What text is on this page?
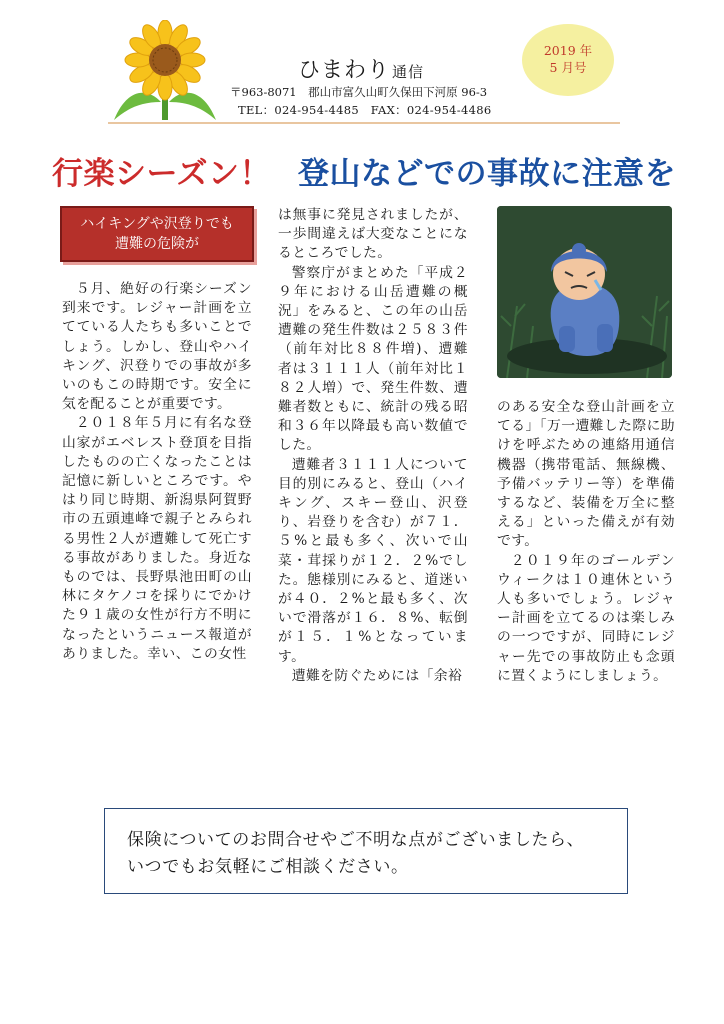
ひまわり 通信
〒963-8071　郡山市富久山町久保田下河原 96-3
TEL：024-954-4485　FAX：024-954-4486
2019 年
5 月号
行楽シーズン！ 登山などでの事故に注意を
ハイキングや沢登りでも
遭難の危険が

５月、絶好の行楽シーズン到来です。レジャー計画を立てている人たちも多いことでしょう。しかし、登山やハイキング、沢登りでの事故が多いのもこの時期です。安全に気を配ることが重要です。

２０１８年５月に有名な登山家がエベレスト登頂を目指したものの亡くなったことは記憶に新しいところです。やはり同じ時期、新潟県阿賀野市の五頭連峰で親子とみられる男性２人が遭難して死亡する事故がありました。身近なものでは、長野県池田町の山林にタケノコを採りにでかけた９１歳の女性が行方不明になったというニュース報道がありました。幸い、この女性

は無事に発見されましたが、一歩間違えば大変なことになるところでした。

警察庁がまとめた「平成２９年における山岳遭難の概況」をみると、この年の山岳遭難の発生件数は２５８３件（前年対比８８件増)、遭難者は３１１１人（前年対比１８２人増）で、発生件数、遭難者数ともに、統計の残る昭和３６年以降最も高い数値でした。

遭難者３１１１人について目的別にみると、登山（ハイキング、スキー登山、沢登り、岩登りを含む）が７１．５%と最も多く、次いで山菜・茸採りが１２．２%でした。態様別にみると、道迷いが４０．２%と最も多く、次いで滑落が１６．８%、転倒が１５．１%となっています。

遭難を防ぐためには「余裕

のある安全な登山計画を立てる」「万一遭難した際に助けを呼ぶための連絡用通信機器（携帯電話、無線機、予備バッテリー等）を準備するなど、装備を万全に整える」といった備えが有効です。

２０１９年のゴールデンウィークは１０連休という人も多いでしょう。レジャー計画を立てるのは楽しみの一つですが、同時にレジャー先での事故防止も念頭に置くようにしましょう。

保険についてのお問合せやご不明な点がございましたら、
いつでもお気軽にご相談ください。
